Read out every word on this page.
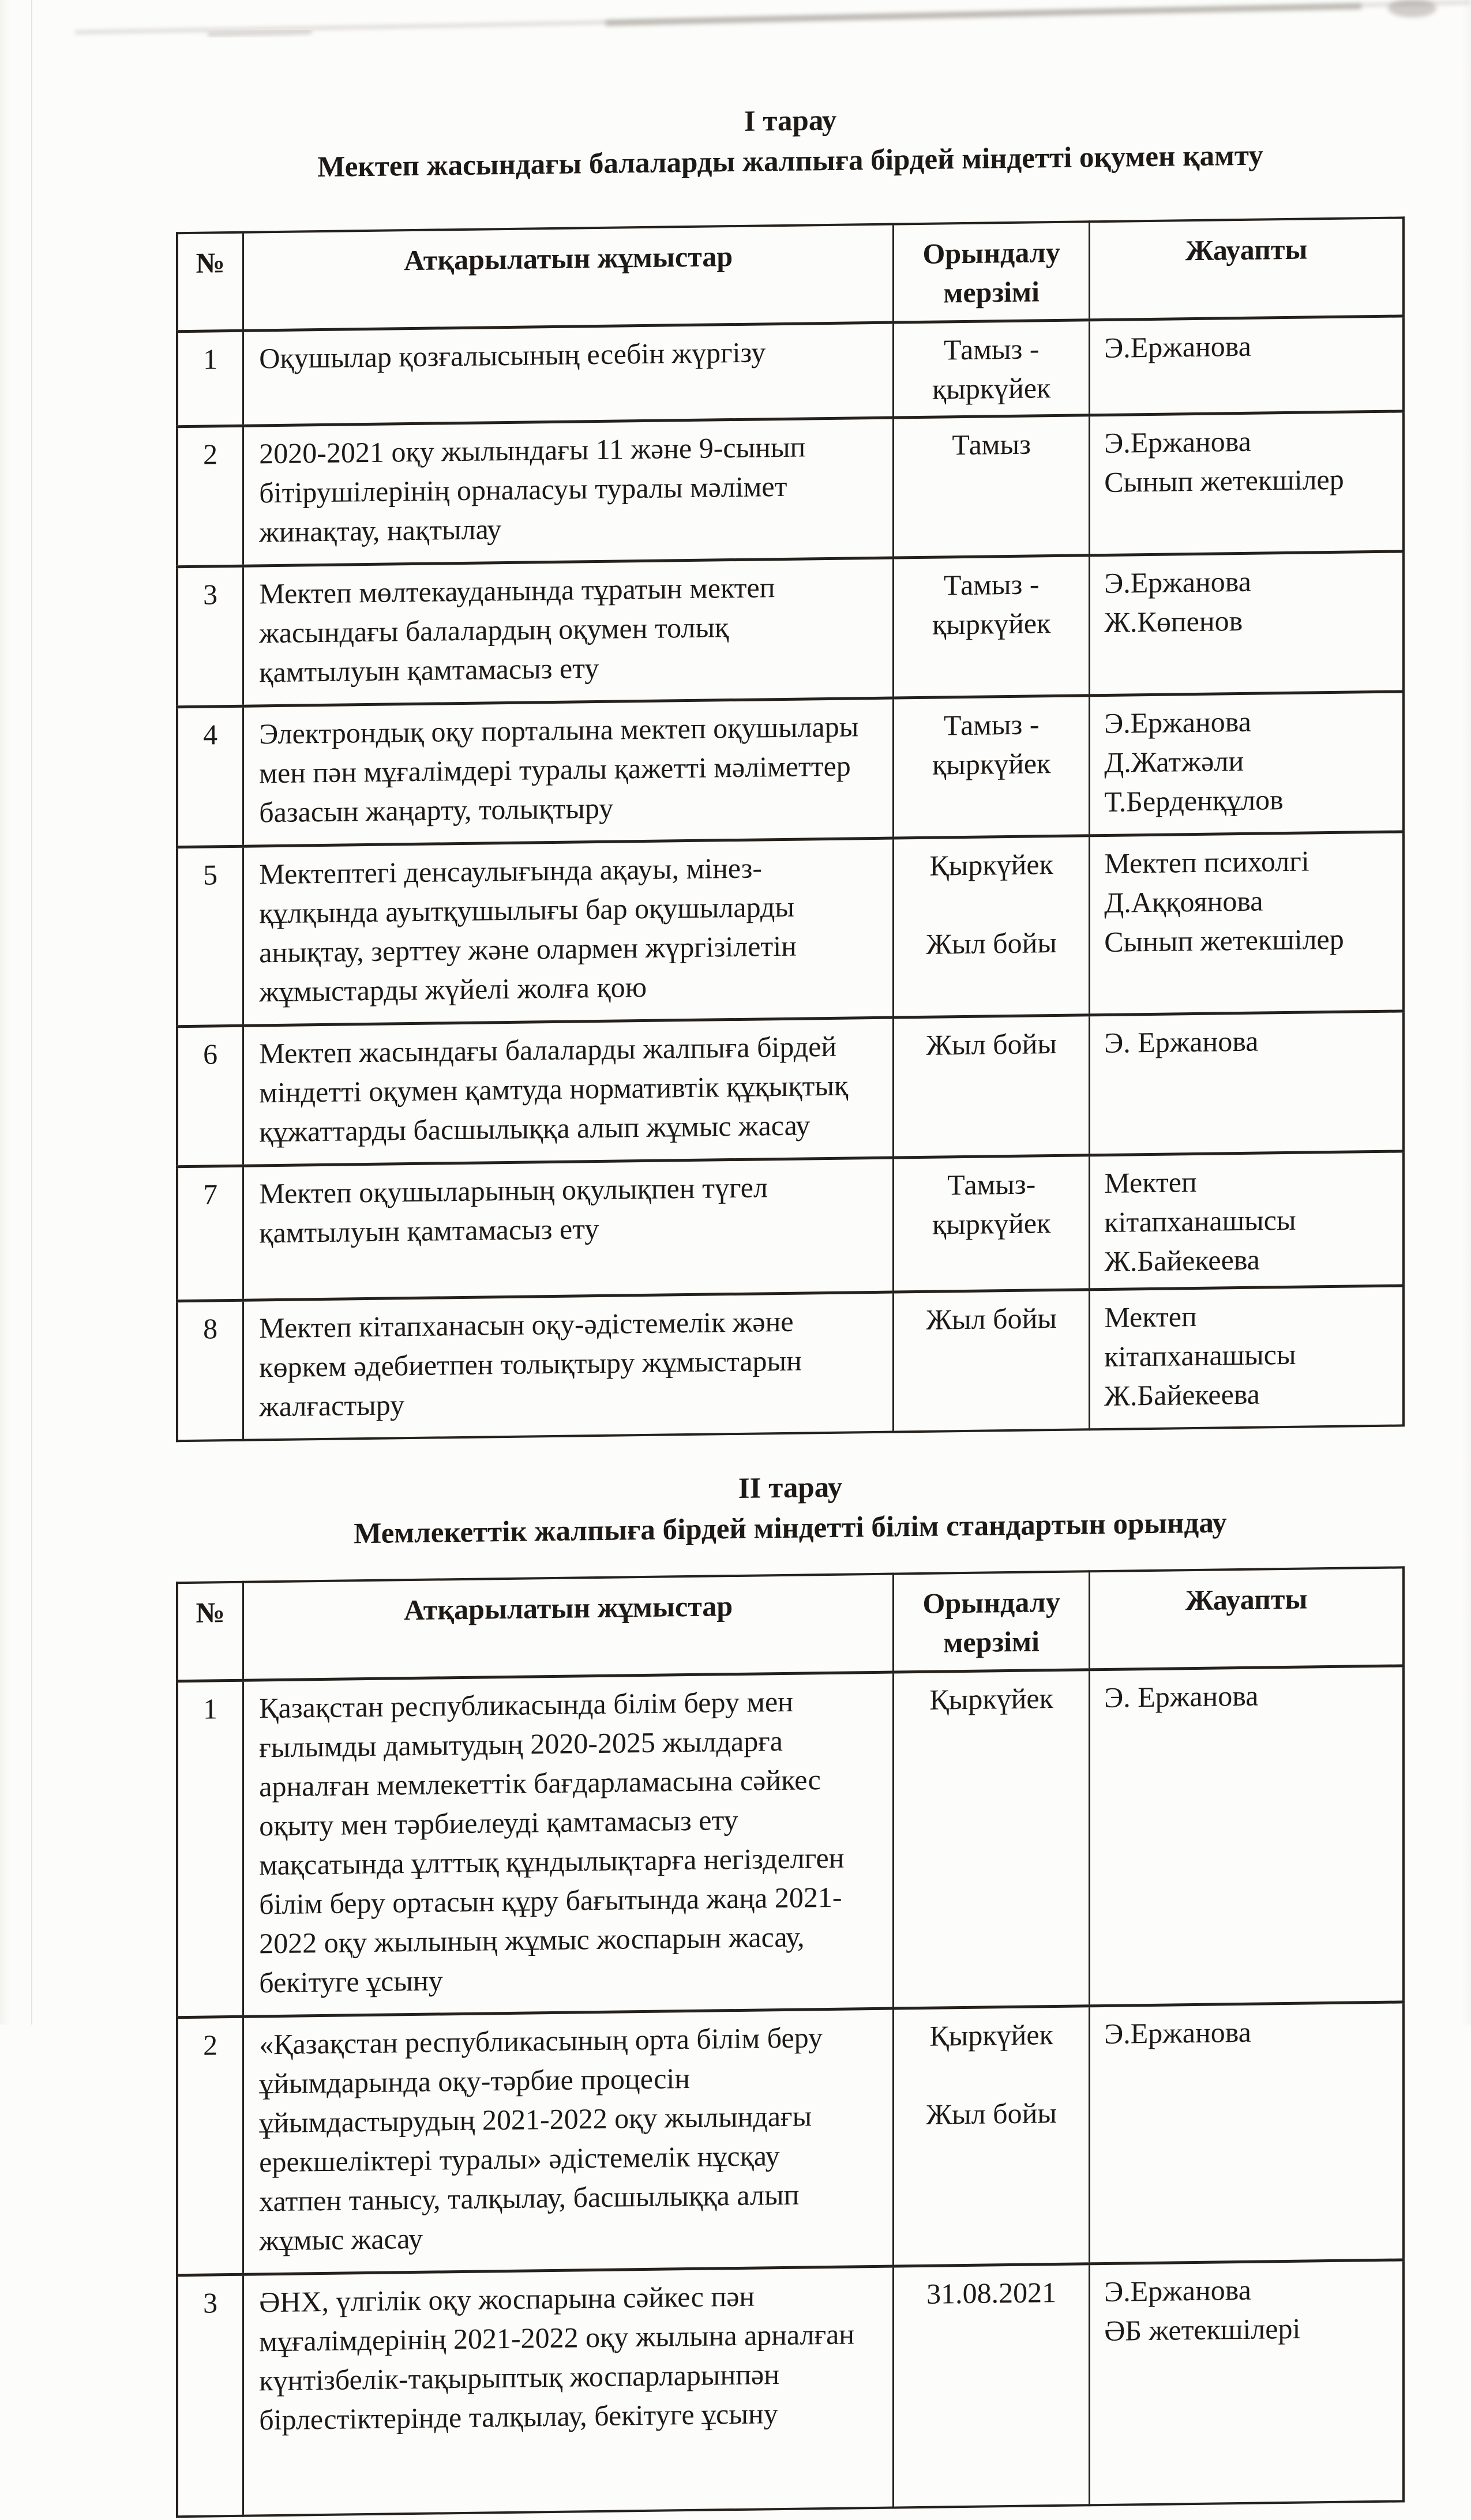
I тарау
Мектеп жасындағы балаларды жалпыға бірдей міндетті оқумен қамту
№	Атқарылатын жұмыстар	Орындалу мерзімі	Жауапты
1	Оқушылар қозғалысының есебін жүргізу	Тамыз -
қыркүйек	Э.Ержанова

2	2020-2021 оқу жылындағы 11 және 9-сынып бітірушілерінің орналасуы туралы мәлімет жинақтау, нақтылау	Тамыз	Э.Ержанова
Сынып жетекшілер

3	Мектеп мөлтекауданында тұратын мектеп жасындағы балалардың оқумен толық қамтылуын қамтамасыз ету	Тамыз -
қыркүйек	Э.Ержанова
Ж.Көпенов

4	Электрондық оқу порталына мектеп оқушылары мен пән мұғалімдері туралы қажетті мәліметтер базасын жаңарту, толықтыру	Тамыз -
қыркүйек	Э.Ержанова
Д.Жатжәли
Т.Берденқұлов

5	Мектептегі денсаулығында ақауы, мінез-құлқында ауытқушылығы бар оқушыларды анықтау, зерттеу және олармен жүргізілетін жұмыстарды жүйелі жолға қою	Қыркүйек
Жыл бойы	Мектеп психолгі
Д.Аққоянова
Сынып жетекшілер

6	Мектеп жасындағы балаларды жалпыға бірдей міндетті оқумен қамтуда нормативтік құқықтық құжаттарды басшылыққа алып жұмыс жасау	Жыл бойы	Э. Ержанова

7	Мектеп оқушыларының оқулықпен түгел қамтылуын қамтамасыз ету	Тамыз-
қыркүйек	Мектеп
кітапханашысы
Ж.Байекеева

8	Мектеп кітапханасын оқу-әдістемелік және көркем әдебиетпен толықтыру жұмыстарын жалғастыру	Жыл бойы	Мектеп
кітапханашысы
Ж.Байекеева
II тарау
Мемлекеттік жалпыға бірдей міндетті білім стандартын орындау
№	Атқарылатын жұмыстар	Орындалу мерзімі	Жауапты
1	Қазақстан республикасында білім беру мен ғылымды дамытудың 2020-2025 жылдарға арналған мемлекеттік бағдарламасына сәйкес оқыту мен тәрбиелеуді қамтамасыз ету мақсатында ұлттық құндылықтарға негізделген білім беру ортасын құру бағытында жаңа 2021-2022 оқу жылының жұмыс жоспарын жасау, бекітуге ұсыну	Қыркүйек	Э. Ержанова

2	«Қазақстан республикасының орта білім беру ұйымдарында оқу-тәрбие процесін ұйымдастырудың 2021-2022 оқу жылындағы ерекшеліктері туралы» әдістемелік нұсқау хатпен танысу, талқылау, басшылыққа алып жұмыс жасау	Қыркүйек
Жыл бойы	Э.Ержанова

3	ӘНХ, үлгілік оқу жоспарына сәйкес пән мұғалімдерінің 2021-2022 оқу жылына арналған күнтізбелік-тақырыптық жоспарларынпән бірлестіктерінде талқылау, бекітуге ұсыну	31.08.2021	Э.Ержанова
ӘБ жетекшілері
